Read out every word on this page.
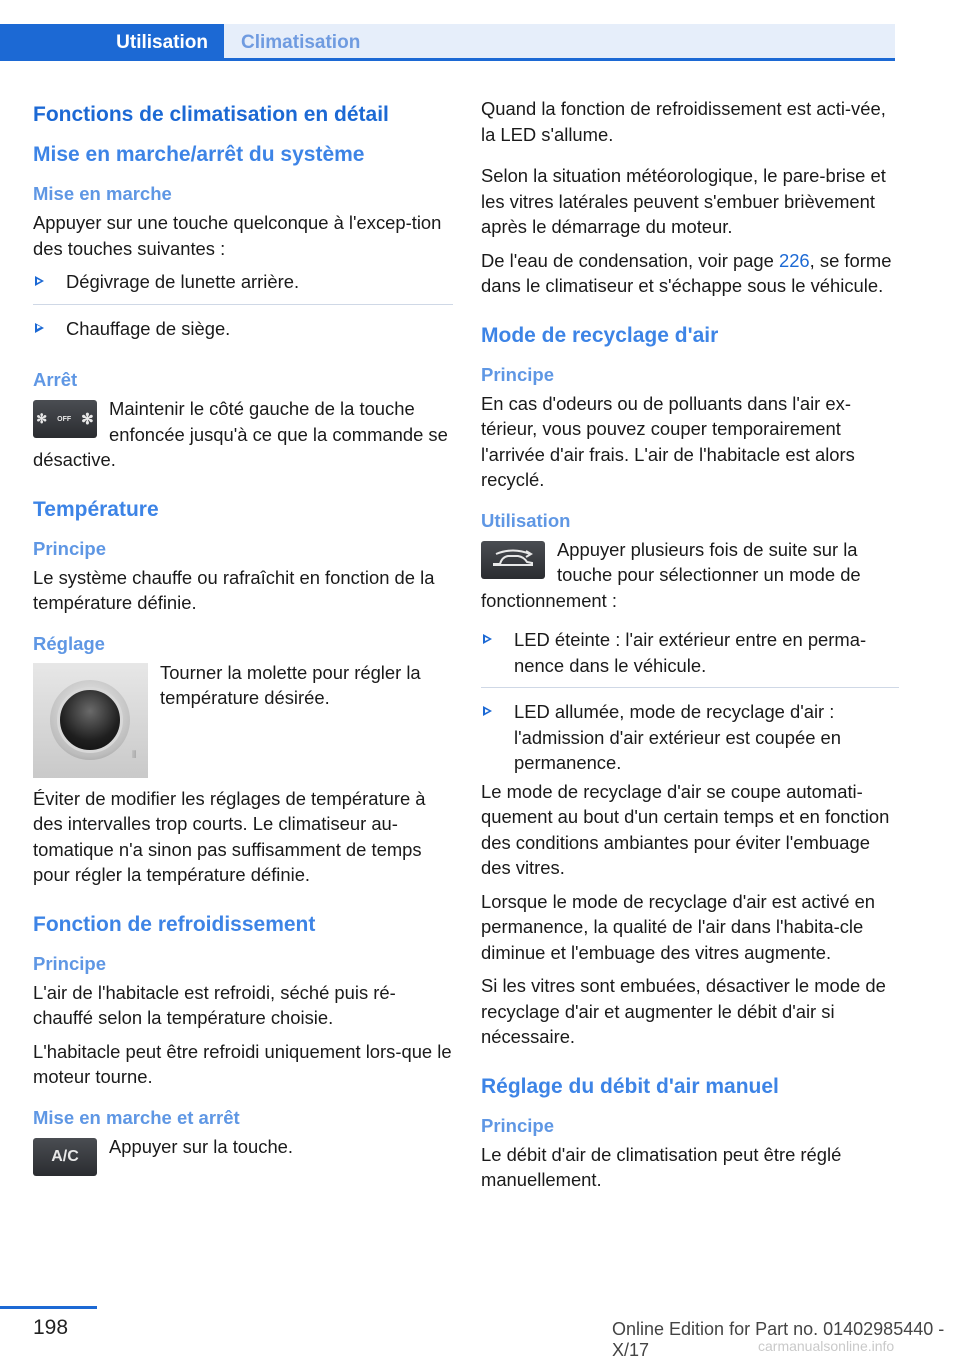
Utilisation	Climatisation
Fonctions de climatisation en détail
Mise en marche/arrêt du système
Mise en marche

Appuyer sur une touche quelconque à l'excep-tion des touches suivantes :

Dégivrage de lunette arrière.
Chauffage de siège.
Arrêt
✻ OFF ✻

Maintenir le côté gauche de la touche enfoncée jusqu'à ce que la commande se désactive.

Température
Principe

Le système chauffe ou rafraîchit en fonction de la température définie.

Réglage
⦀

Tourner la molette pour régler la température désirée.

Éviter de modifier les réglages de température à des intervalles trop courts. Le climatiseur au-tomatique n'a sinon pas suffisamment de temps pour régler la température définie.

Fonction de refroidissement
Principe

L'air de l'habitacle est refroidi, séché puis ré-chauffé selon la température choisie.

L'habitacle peut être refroidi uniquement lors-que le moteur tourne.

Mise en marche et arrêt
A/C	Appuyer sur la touche.

Quand la fonction de refroidissement est acti-vée, la LED s'allume.

Selon la situation météorologique, le pare-brise et les vitres latérales peuvent s'embuer brièvement après le démarrage du moteur.

De l'eau de condensation, voir page 226, se forme dans le climatiseur et s'échappe sous le véhicule.

Mode de recyclage d'air
Principe

En cas d'odeurs ou de polluants dans l'air ex-térieur, vous pouvez couper temporairement l'arrivée d'air frais. L'air de l'habitacle est alors recyclé.

Utilisation

Appuyer plusieurs fois de suite sur la touche pour sélectionner un mode de fonctionnement :

LED éteinte : l'air extérieur entre en perma-nence dans le véhicule.
LED allumée, mode de recyclage d'air : l'admission d'air extérieur est coupée en permanence.

Le mode de recyclage d'air se coupe automati-quement au bout d'un certain temps et en fonction des conditions ambiantes pour éviter l'embuage des vitres.

Lorsque le mode de recyclage d'air est activé en permanence, la qualité de l'air dans l'habita-cle diminue et l'embuage des vitres augmente.

Si les vitres sont embuées, désactiver le mode de recyclage d'air et augmenter le débit d'air si nécessaire.

Réglage du débit d'air manuel
Principe

Le débit d'air de climatisation peut être réglé manuellement.

198	Online Edition for Part no. 01402985440 - X/17	carmanualsonline.info
